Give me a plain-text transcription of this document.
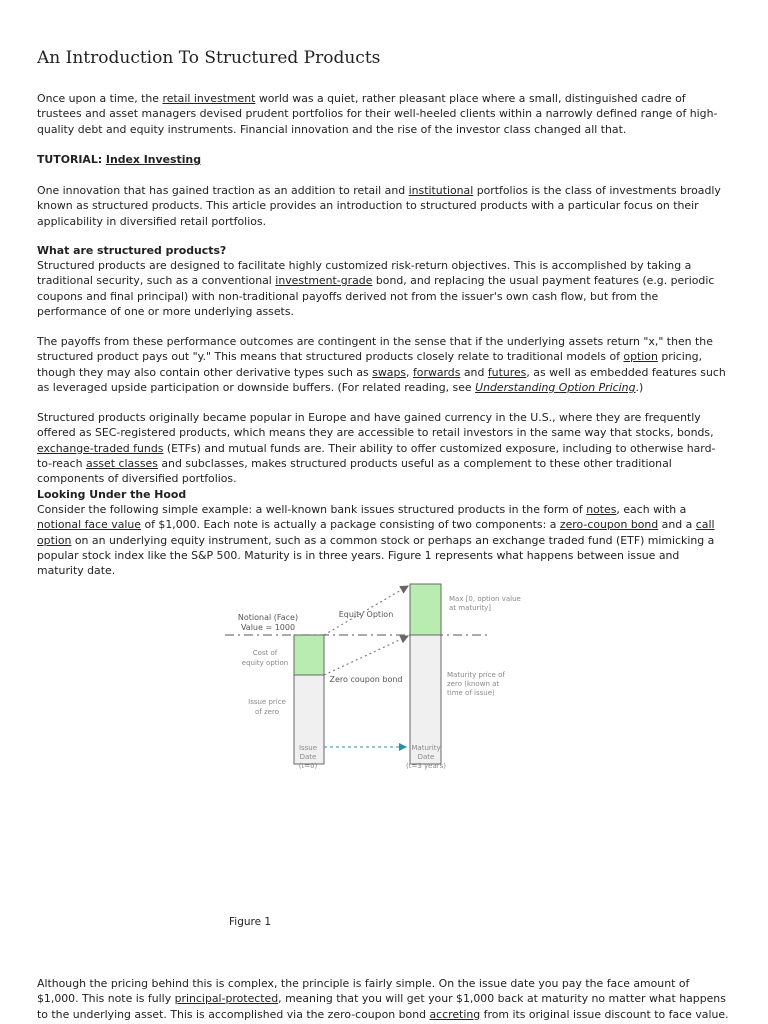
An Introduction To Structured Products

Once upon a time, the retail investment world was a quiet, rather pleasant place where a small, distinguished cadre of trustees and asset managers devised prudent portfolios for their well-heeled clients within a narrowly defined range of high-quality debt and equity instruments. Financial innovation and the rise of the investor class changed all that.

TUTORIAL: Index Investing

One innovation that has gained traction as an addition to retail and institutional portfolios is the class of investments broadly known as structured products. This article provides an introduction to structured products with a particular focus on their applicability in diversified retail portfolios.

What are structured products?

Structured products are designed to facilitate highly customized risk-return objectives. This is accomplished by taking a traditional security, such as a conventional investment-grade bond, and replacing the usual payment features (e.g. periodic coupons and final principal) with non-traditional payoffs derived not from the issuer's own cash flow, but from the performance of one or more underlying assets.

The payoffs from these performance outcomes are contingent in the sense that if the underlying assets return "x," then the structured product pays out "y." This means that structured products closely relate to traditional models of option pricing, though they may also contain other derivative types such as swaps, forwards and futures, as well as embedded features such as leveraged upside participation or downside buffers. (For related reading, see Understanding Option Pricing.)

Structured products originally became popular in Europe and have gained currency in the U.S., where they are frequently offered as SEC-registered products, which means they are accessible to retail investors in the same way that stocks, bonds, exchange-traded funds (ETFs) and mutual funds are. Their ability to offer customized exposure, including to otherwise hard-to-reach asset classes and subclasses, makes structured products useful as a complement to these other traditional components of diversified portfolios.

Looking Under the Hood

Consider the following simple example: a well-known bank issues structured products in the form of notes, each with a notional face value of $1,000. Each note is actually a package consisting of two components: a zero-coupon bond and a call option on an underlying equity instrument, such as a common stock or perhaps an exchange traded fund (ETF) mimicking a popular stock index like the S&P 500. Maturity is in three years. Figure 1 represents what happens between issue and maturity date.

Notional (Face)
Value = 1000
Equity Option
Zero coupon bond
Cost of
equity option
Issue price
of zero
Max [0, option value
at maturity]
Maturity price of
zero (known at
time of issue)
Issue
Date
(t=0)
Maturity
Date
(t=3 years)
Figure 1

Although the pricing behind this is complex, the principle is fairly simple. On the issue date you pay the face amount of $1,000. This note is fully principal-protected, meaning that you will get your $1,000 back at maturity no matter what happens to the underlying asset. This is accomplished via the zero-coupon bond accreting from its original issue discount to face value.
